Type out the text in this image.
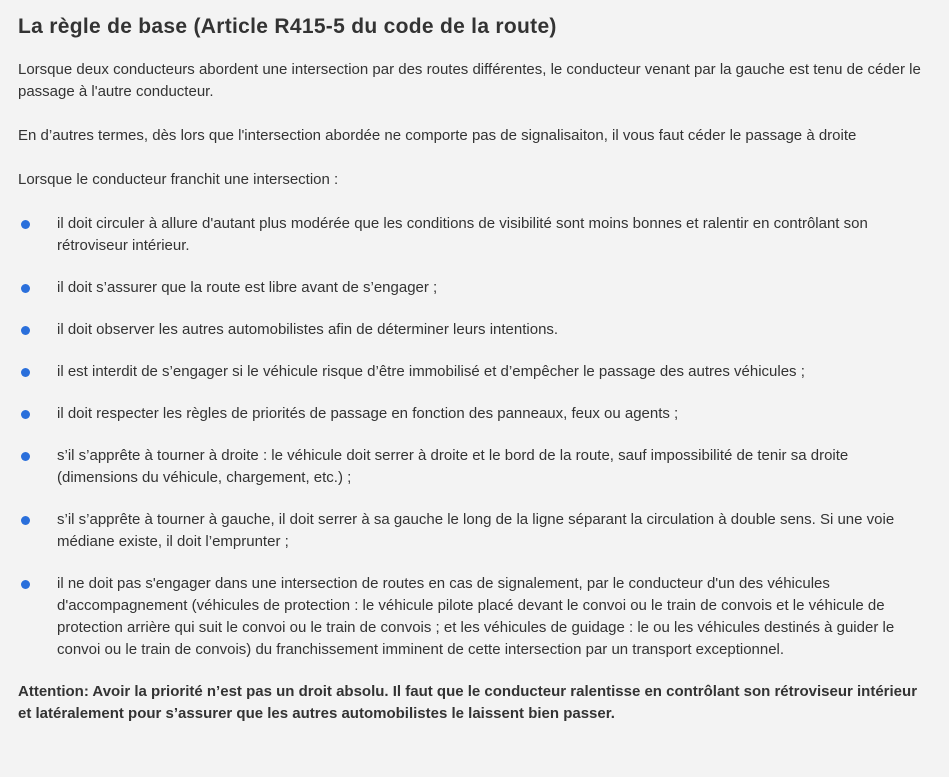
La règle de base (Article R415-5 du code de la route)

Lorsque deux conducteurs abordent une intersection par des routes différentes, le conducteur venant par la gauche est tenu de céder le passage à l'autre conducteur.

En d’autres termes, dès lors que l'intersection abordée ne comporte pas de signalisaiton, il vous faut céder le passage à droite

Lorsque le conducteur franchit une intersection :

il doit circuler à allure d'autant plus modérée que les conditions de visibilité sont moins bonnes et ralentir en contrôlant son rétroviseur intérieur.
il doit s’assurer que la route est libre avant de s’engager ;
il doit observer les autres automobilistes afin de déterminer leurs intentions.
il est interdit de s’engager si le véhicule risque d’être immobilisé et d’empêcher le passage des autres véhicules ;
il doit respecter les règles de priorités de passage en fonction des panneaux, feux ou agents ;
s’il s’apprête à tourner à droite : le véhicule doit serrer à droite et le bord de la route, sauf impossibilité de tenir sa droite (dimensions du véhicule, chargement, etc.) ;
s’il s’apprête à tourner à gauche, il doit serrer à sa gauche le long de la ligne séparant la circulation à double sens. Si une voie médiane existe, il doit l’emprunter ;
il ne doit pas s'engager dans une intersection de routes en cas de signalement, par le conducteur d'un des véhicules d'accompagnement (véhicules de protection : le véhicule pilote placé devant le convoi ou le train de convois et le véhicule de protection arrière qui suit le convoi ou le train de convois ; et les véhicules de guidage : le ou les véhicules destinés à guider le convoi ou le train de convois) du franchissement imminent de cette intersection par un transport exceptionnel.

Attention: Avoir la priorité n’est pas un droit absolu. Il faut que le conducteur ralentisse en contrôlant son rétroviseur intérieur et latéralement pour s’assurer que les autres automobilistes le laissent bien passer.
